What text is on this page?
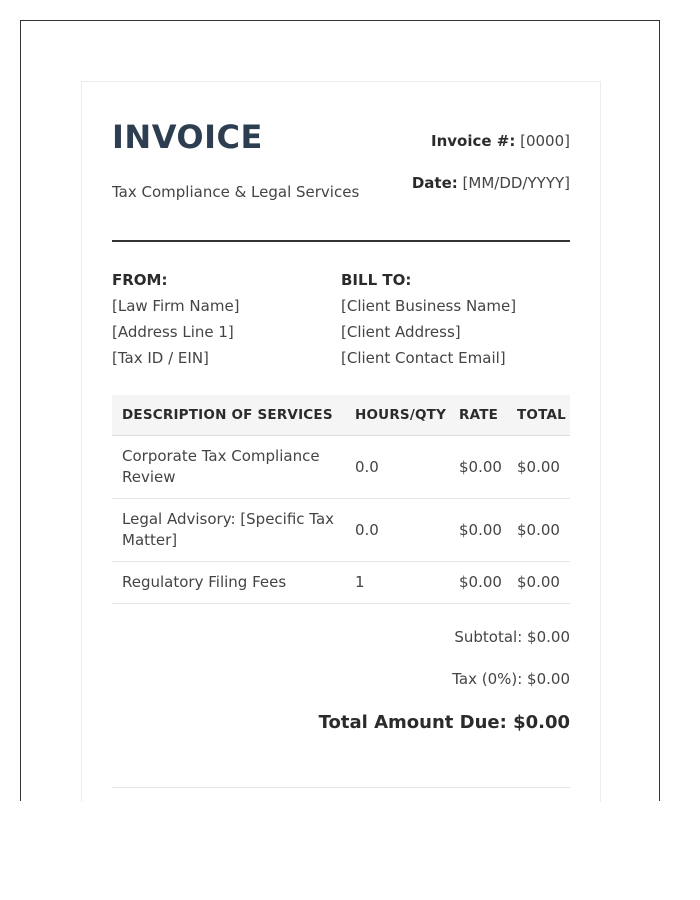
INVOICE
Tax Compliance & Legal Services
Invoice #: [0000]
Date: [MM/DD/YYYY]
FROM:
[Law Firm Name]
[Address Line 1]
[Tax ID / EIN]
BILL TO:
[Client Business Name]
[Client Address]
[Client Contact Email]
DESCRIPTION OF SERVICES	HOURS/QTY	RATE	TOTAL
Corporate Tax Compliance Review	0.0	$0.00	$0.00
Legal Advisory: [Specific Tax Matter]	0.0	$0.00	$0.00
Regulatory Filing Fees	1	$0.00	$0.00
Subtotal: $0.00
Tax (0%): $0.00
Total Amount Due: $0.00
